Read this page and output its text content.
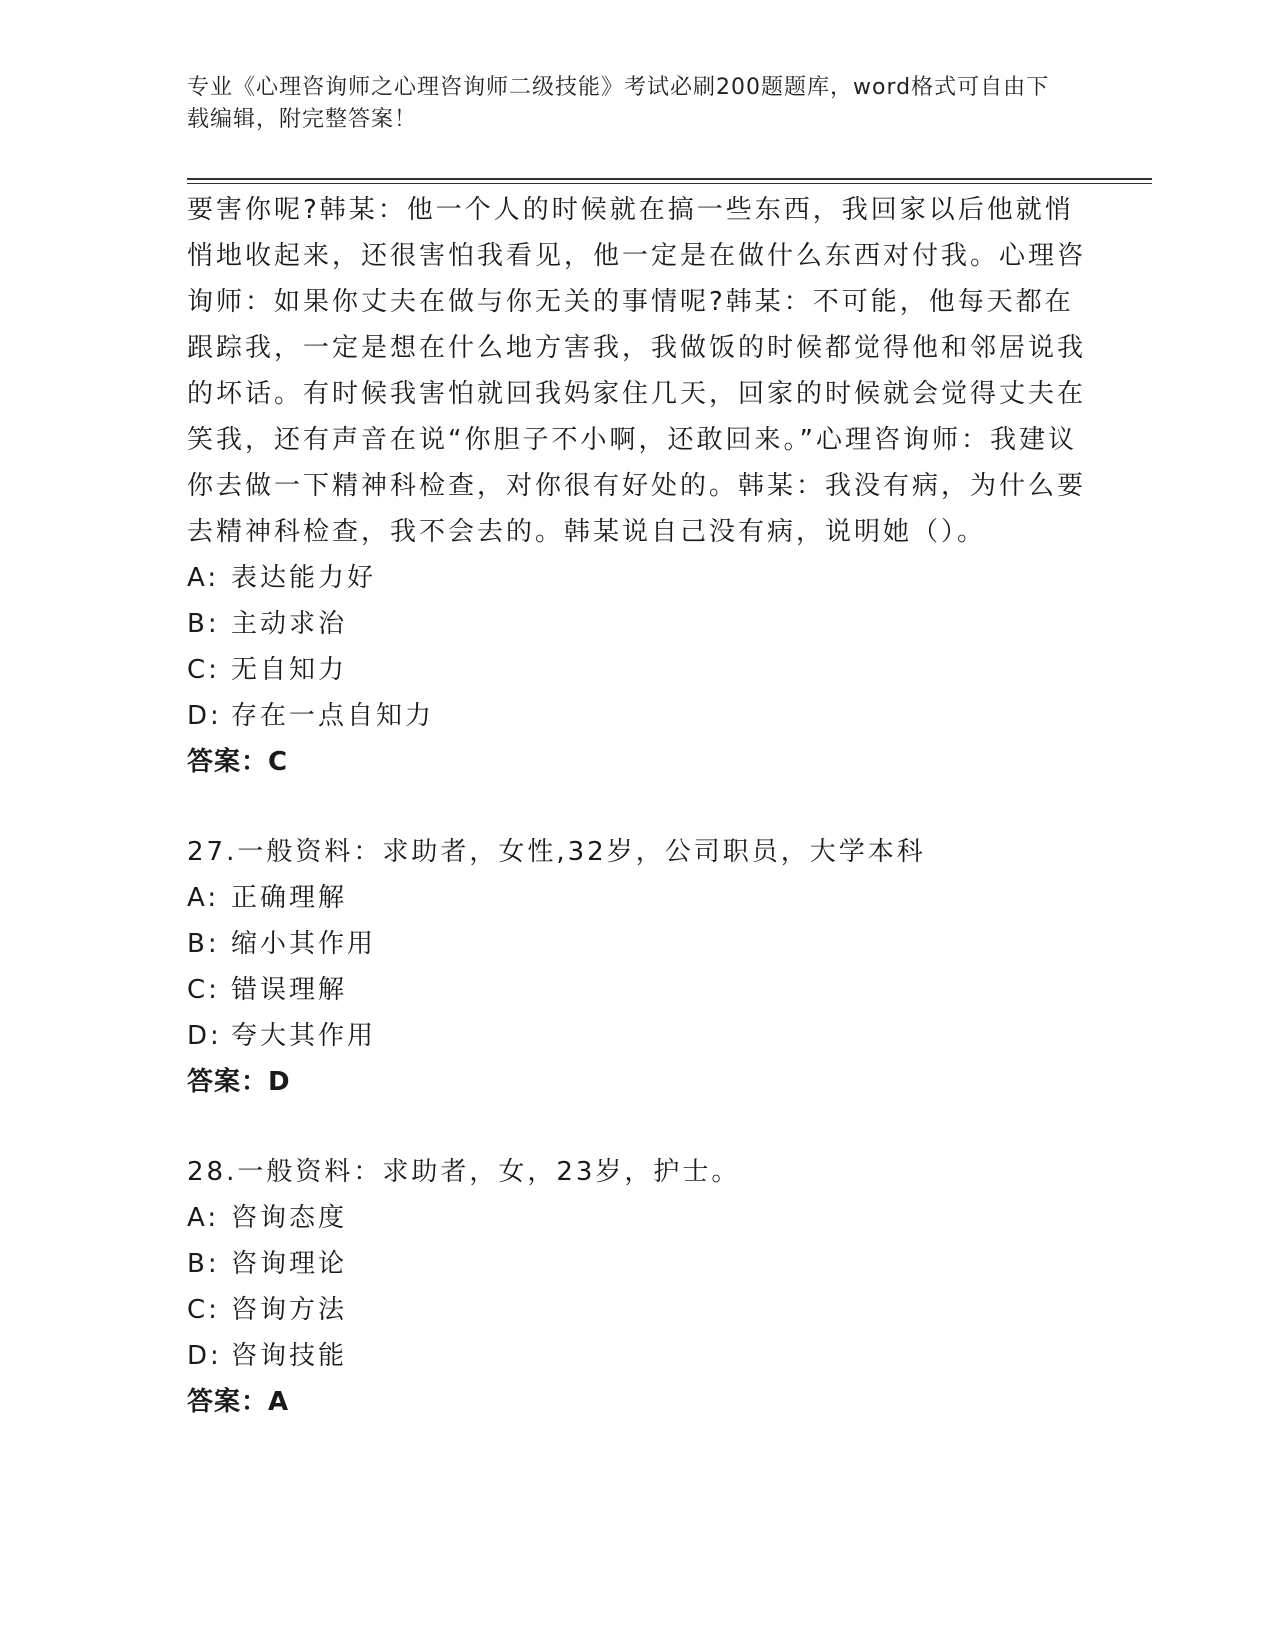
专业《心理咨询师之心理咨询师二级技能》考试必刷200题题库，word格式可自由下载编辑，附完整答案！

要害你呢?韩某：他一个人的时候就在搞一些东西，我回家以后他就悄悄地收起来，还很害怕我看见，他一定是在做什么东西对付我。心理咨询师：如果你丈夫在做与你无关的事情呢?韩某：不可能，他每天都在跟踪我，一定是想在什么地方害我，我做饭的时候都觉得他和邻居说我的坏话。有时候我害怕就回我妈家住几天，回家的时候就会觉得丈夫在笑我，还有声音在说“你胆子不小啊，还敢回来。”心理咨询师：我建议你去做一下精神科检查，对你很有好处的。韩某：我没有病，为什么要去精神科检查，我不会去的。韩某说自己没有病，说明她（）。

A: 表达能力好

B: 主动求治

C: 无自知力

D: 存在一点自知力

答案：C

27.一般资料：求助者，女性,32岁，公司职员，大学本科

A: 正确理解

B: 缩小其作用

C: 错误理解

D: 夸大其作用

答案：D

28.一般资料：求助者，女，23岁，护士。

A: 咨询态度

B: 咨询理论

C: 咨询方法

D: 咨询技能

答案：A
